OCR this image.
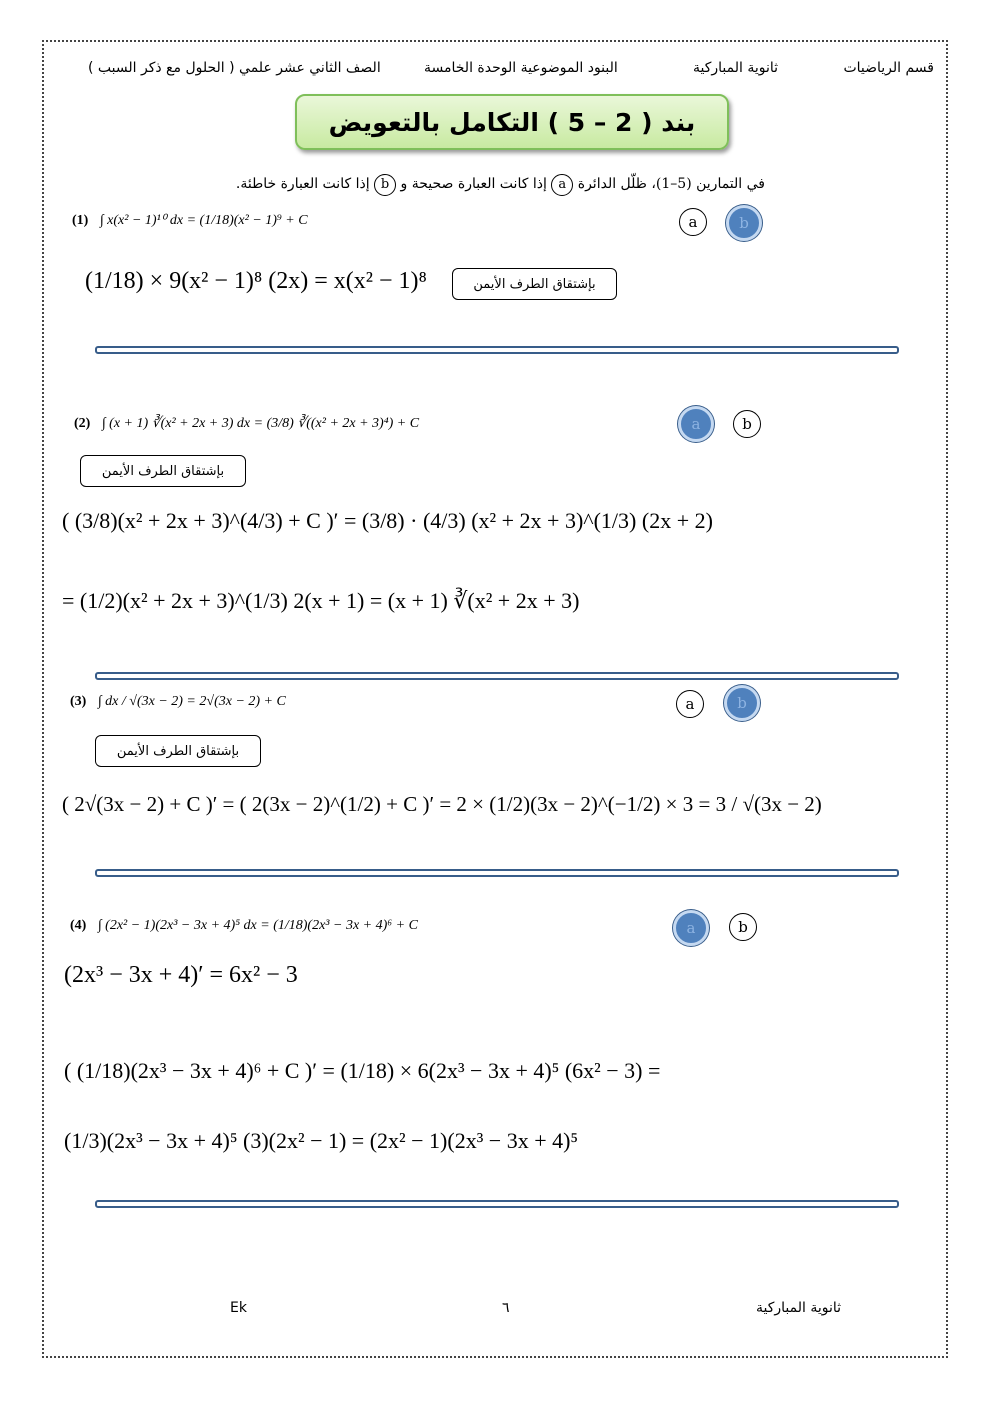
قسم الرياضيات
ثانوية المباركية
البنود الموضوعية الوحدة الخامسة
الصف الثاني عشر علمي ( الحلول مع ذكر السبب )
بند ( 2 – 5 ) التكامل بالتعويض
في التمارين (5–1)، ظلّل الدائرة a إذا كانت العبارة صحيحة و b إذا كانت العبارة خاطئة.
(1) ∫ x(x² − 1)¹⁰ dx = (1/18)(x² − 1)⁹ + C	a	b
(1/18) × 9(x² − 1)⁸ (2x) = x(x² − 1)⁸	بإشتقاق الطرف الأيمن
(2) ∫ (x + 1) ∛(x² + 2x + 3) dx = (3/8) ∛((x² + 2x + 3)⁴) + C	a	b
بإشتقاق الطرف الأيمن
( (3/8)(x² + 2x + 3)^(4/3) + C )′ = (3/8) · (4/3) (x² + 2x + 3)^(1/3) (2x + 2)
= (1/2)(x² + 2x + 3)^(1/3) 2(x + 1) = (x + 1) ∛(x² + 2x + 3)
(3) ∫ dx / √(3x − 2) = 2√(3x − 2) + C	a	b
بإشتقاق الطرف الأيمن
( 2√(3x − 2) + C )′ = ( 2(3x − 2)^(1/2) + C )′ = 2 × (1/2)(3x − 2)^(−1/2) × 3 = 3 / √(3x − 2)
(4) ∫ (2x² − 1)(2x³ − 3x + 4)⁵ dx = (1/18)(2x³ − 3x + 4)⁶ + C	a	b
(2x³ − 3x + 4)′ = 6x² − 3
( (1/18)(2x³ − 3x + 4)⁶ + C )′ = (1/18) × 6(2x³ − 3x + 4)⁵ (6x² − 3) =
(1/3)(2x³ − 3x + 4)⁵ (3)(2x² − 1) = (2x² − 1)(2x³ − 3x + 4)⁵
Ek	٦	ثانوية المباركية
